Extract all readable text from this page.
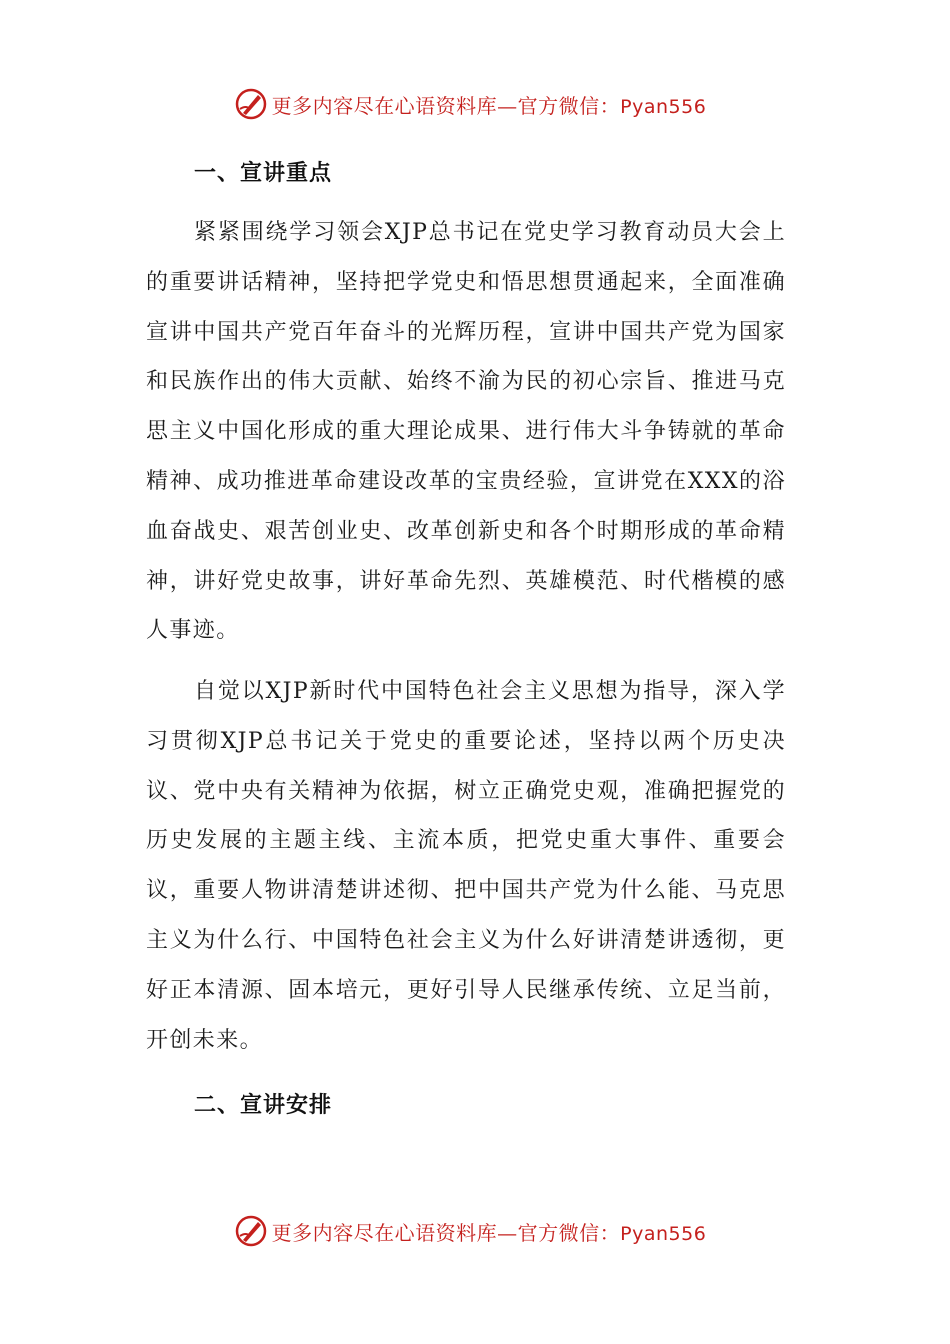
更多内容尽在心语资料库—官方微信：Pyan556
一、宣讲重点

紧紧围绕学习领会XJP总书记在党史学习教育动员大会上的重要讲话精神，坚持把学党史和悟思想贯通起来，全面准确宣讲中国共产党百年奋斗的光辉历程，宣讲中国共产党为国家和民族作出的伟大贡献、始终不渝为民的初心宗旨、推进马克思主义中国化形成的重大理论成果、进行伟大斗争铸就的革命精神、成功推进革命建设改革的宝贵经验，宣讲党在XXX的浴血奋战史、艰苦创业史、改革创新史和各个时期形成的革命精神，讲好党史故事，讲好革命先烈、英雄模范、时代楷模的感人事迹。

自觉以XJP新时代中国特色社会主义思想为指导，深入学习贯彻XJP总书记关于党史的重要论述，坚持以两个历史决议、党中央有关精神为依据，树立正确党史观，准确把握党的历史发展的主题主线、主流本质，把党史重大事件、重要会议，重要人物讲清楚讲述彻、把中国共产党为什么能、马克思主义为什么行、中国特色社会主义为什么好讲清楚讲透彻，更好正本清源、固本培元，更好引导人民继承传统、立足当前，开创未来。

二、宣讲安排
更多内容尽在心语资料库—官方微信：Pyan556
